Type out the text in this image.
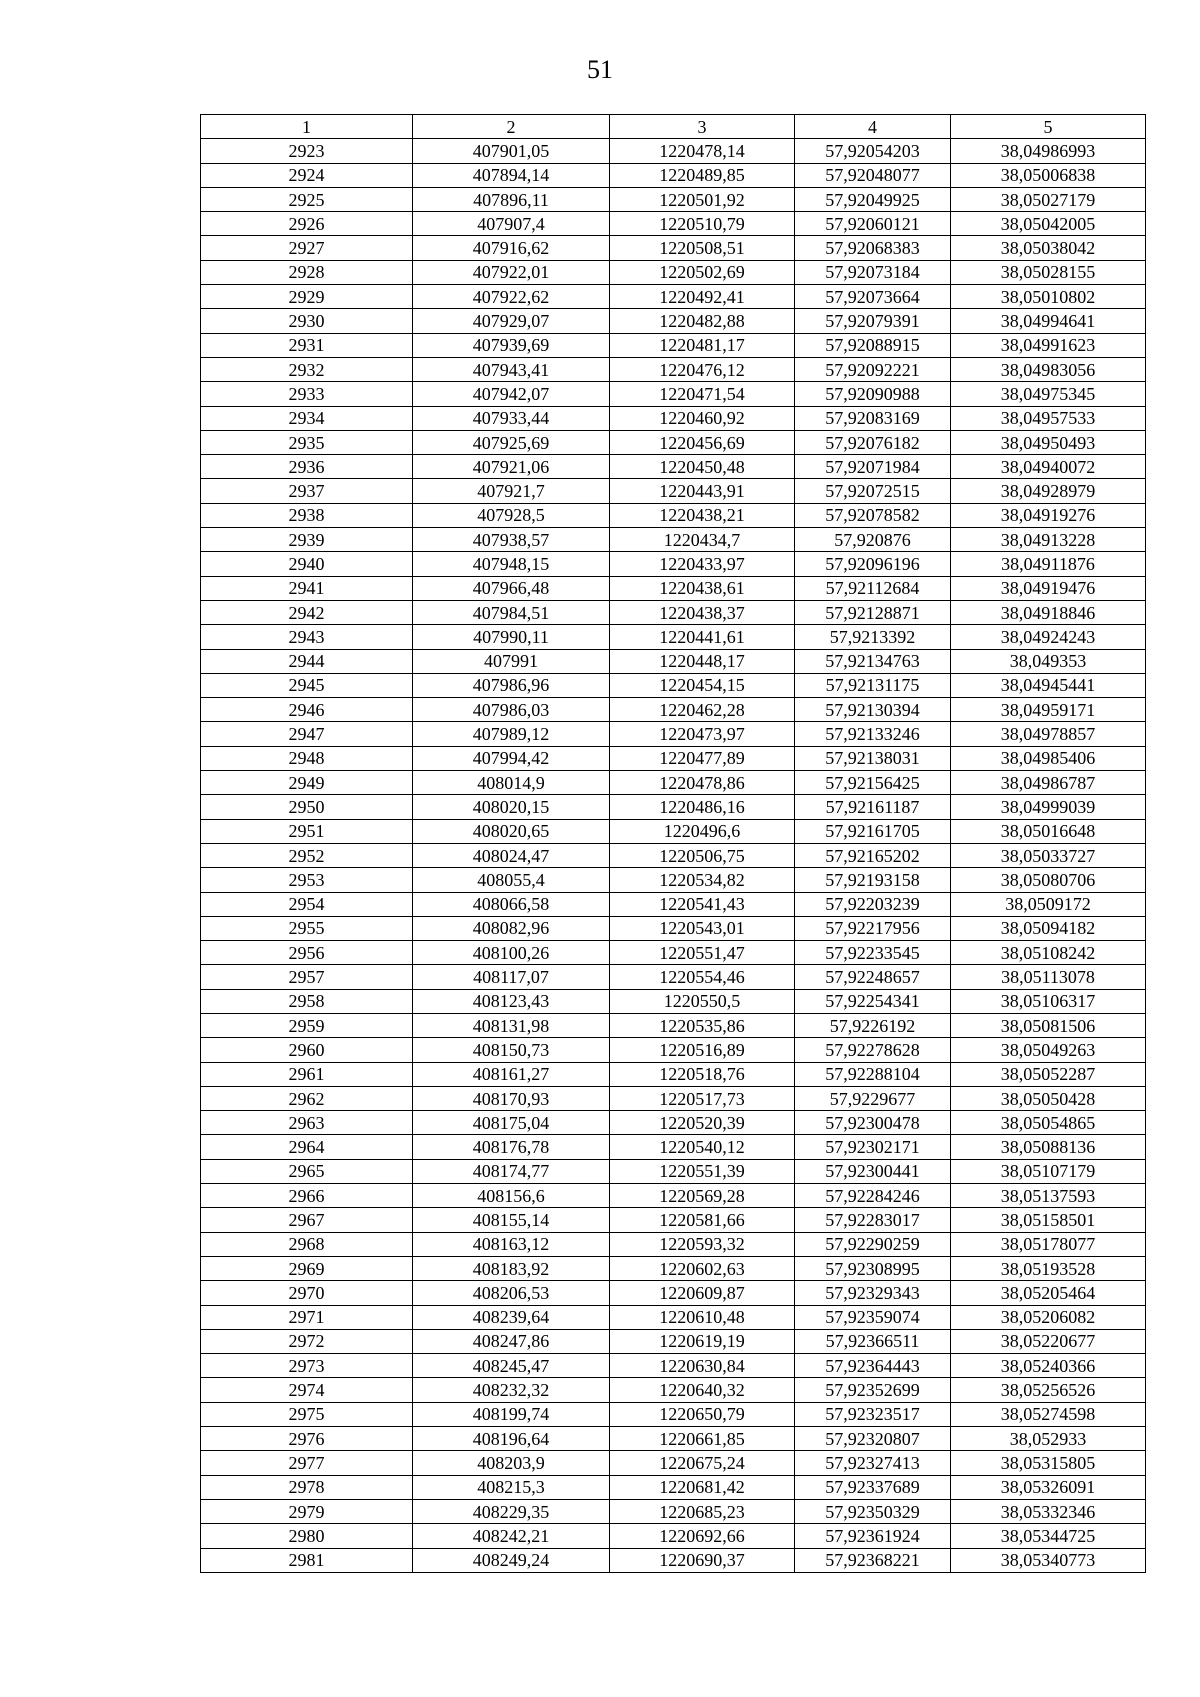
51
1	2	3	4	5
2923	407901,05	1220478,14	57,92054203	38,04986993
2924	407894,14	1220489,85	57,92048077	38,05006838
2925	407896,11	1220501,92	57,92049925	38,05027179
2926	407907,4	1220510,79	57,92060121	38,05042005
2927	407916,62	1220508,51	57,92068383	38,05038042
2928	407922,01	1220502,69	57,92073184	38,05028155
2929	407922,62	1220492,41	57,92073664	38,05010802
2930	407929,07	1220482,88	57,92079391	38,04994641
2931	407939,69	1220481,17	57,92088915	38,04991623
2932	407943,41	1220476,12	57,92092221	38,04983056
2933	407942,07	1220471,54	57,92090988	38,04975345
2934	407933,44	1220460,92	57,92083169	38,04957533
2935	407925,69	1220456,69	57,92076182	38,04950493
2936	407921,06	1220450,48	57,92071984	38,04940072
2937	407921,7	1220443,91	57,92072515	38,04928979
2938	407928,5	1220438,21	57,92078582	38,04919276
2939	407938,57	1220434,7	57,920876	38,04913228
2940	407948,15	1220433,97	57,92096196	38,04911876
2941	407966,48	1220438,61	57,92112684	38,04919476
2942	407984,51	1220438,37	57,92128871	38,04918846
2943	407990,11	1220441,61	57,9213392	38,04924243
2944	407991	1220448,17	57,92134763	38,049353
2945	407986,96	1220454,15	57,92131175	38,04945441
2946	407986,03	1220462,28	57,92130394	38,04959171
2947	407989,12	1220473,97	57,92133246	38,04978857
2948	407994,42	1220477,89	57,92138031	38,04985406
2949	408014,9	1220478,86	57,92156425	38,04986787
2950	408020,15	1220486,16	57,92161187	38,04999039
2951	408020,65	1220496,6	57,92161705	38,05016648
2952	408024,47	1220506,75	57,92165202	38,05033727
2953	408055,4	1220534,82	57,92193158	38,05080706
2954	408066,58	1220541,43	57,92203239	38,0509172
2955	408082,96	1220543,01	57,92217956	38,05094182
2956	408100,26	1220551,47	57,92233545	38,05108242
2957	408117,07	1220554,46	57,92248657	38,05113078
2958	408123,43	1220550,5	57,92254341	38,05106317
2959	408131,98	1220535,86	57,9226192	38,05081506
2960	408150,73	1220516,89	57,92278628	38,05049263
2961	408161,27	1220518,76	57,92288104	38,05052287
2962	408170,93	1220517,73	57,9229677	38,05050428
2963	408175,04	1220520,39	57,92300478	38,05054865
2964	408176,78	1220540,12	57,92302171	38,05088136
2965	408174,77	1220551,39	57,92300441	38,05107179
2966	408156,6	1220569,28	57,92284246	38,05137593
2967	408155,14	1220581,66	57,92283017	38,05158501
2968	408163,12	1220593,32	57,92290259	38,05178077
2969	408183,92	1220602,63	57,92308995	38,05193528
2970	408206,53	1220609,87	57,92329343	38,05205464
2971	408239,64	1220610,48	57,92359074	38,05206082
2972	408247,86	1220619,19	57,92366511	38,05220677
2973	408245,47	1220630,84	57,92364443	38,05240366
2974	408232,32	1220640,32	57,92352699	38,05256526
2975	408199,74	1220650,79	57,92323517	38,05274598
2976	408196,64	1220661,85	57,92320807	38,052933
2977	408203,9	1220675,24	57,92327413	38,05315805
2978	408215,3	1220681,42	57,92337689	38,05326091
2979	408229,35	1220685,23	57,92350329	38,05332346
2980	408242,21	1220692,66	57,92361924	38,05344725
2981	408249,24	1220690,37	57,92368221	38,05340773
